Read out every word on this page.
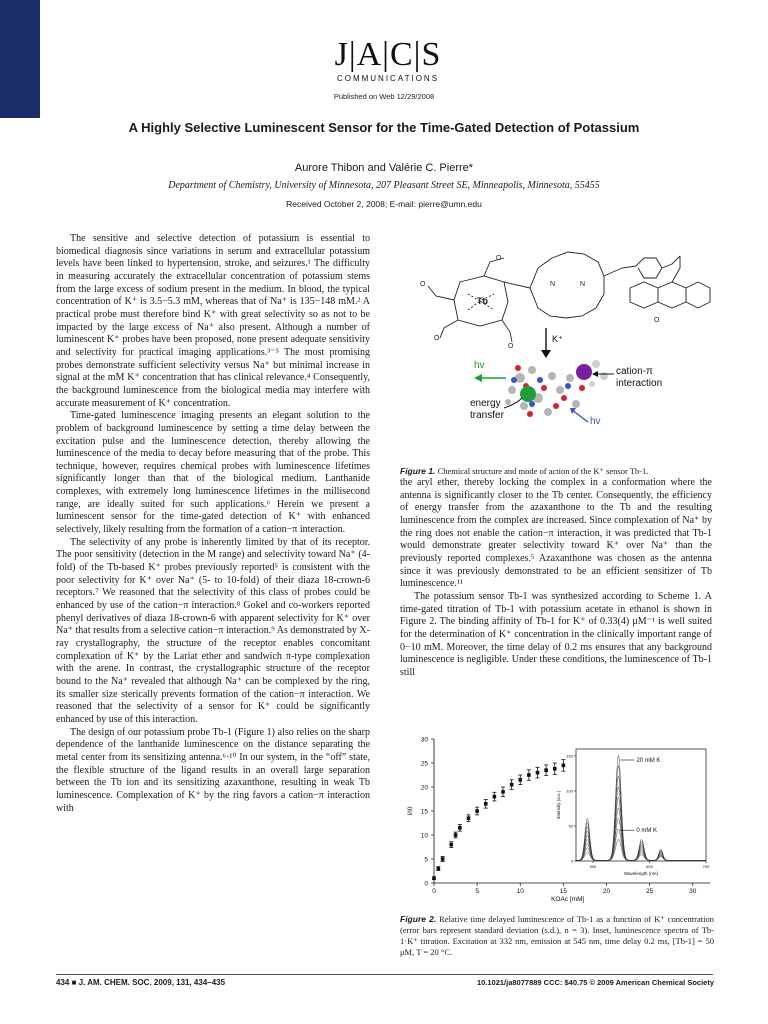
J|A|C|S
COMMUNICATIONS
Published on Web 12/29/2008
A Highly Selective Luminescent Sensor for the Time-Gated Detection of Potassium
Aurore Thibon and Valérie C. Pierre*
Department of Chemistry, University of Minnesota, 207 Pleasant Street SE, Minneapolis, Minnesota, 55455
Received October 2, 2008; E-mail: pierre@umn.edu

The sensitive and selective detection of potassium is essential to biomedical diagnosis since variations in serum and extracellular potassium levels have been linked to hypertension, stroke, and seizures.¹ The difficulty in measuring accurately the extracellular concentration of potassium stems from the large excess of sodium present in the medium. In blood, the typical concentration of K⁺ is 3.5−5.3 mM, whereas that of Na⁺ is 135−148 mM.² A practical probe must therefore bind K⁺ with great selectivity so as not to be impacted by the large excess of Na⁺ also present. Although a number of luminescent K⁺ probes have been proposed, none present adequate sensitivity and selectivity for practical imaging applications.³⁻⁵ The most promising probes demonstrate sufficient selectivity versus Na⁺ but minimal increase in signal at the mM K⁺ concentration that has clinical relevance.⁴ Consequently, the background luminescence from the biological media may interfere with accurate measurement of K⁺ concentration.

Time-gated luminescence imaging presents an elegant solution to the problem of background luminescence by setting a time delay between the excitation pulse and the luminescence detection, thereby allowing the luminescence of the media to decay before measuring that of the probe. This technique, however, requires chemical probes with luminescence lifetimes significantly longer than that of the biological medium. Lanthanide complexes, with extremely long luminescence lifetimes in the millisecond range, are ideally suited for such applications.⁶ Herein we present a luminescent sensor for the time-gated detection of K⁺ with enhanced selectively, likely resulting from the formation of a cation−π interaction.

The selectivity of any probe is inherently limited by that of its receptor. The poor sensitivity (detection in the M range) and selectivity toward Na⁺ (4-fold) of the Tb-based K⁺ probes previously reported⁵ is consistent with the poor selectivity for K⁺ over Na⁺ (5- to 10-fold) of their diaza 18-crown-6 receptors.⁷ We reasoned that the selectivity of this class of probes could be enhanced by use of the cation−π interaction.⁸ Gokel and co-workers reported phenyl derivatives of diaza 18-crown-6 with apparent selectivity for K⁺ over Na⁺ that results from a selective cation−π interaction.⁹ As demonstrated by X-ray crystallography, the structure of the receptor enables concomitant complexation of K⁺ by the Lariat ether and sandwich π-type complexation with the arene. In contrast, the crystallographic structure of the receptor bound to the Na⁺ revealed that although Na⁺ can be complexed by the ring, its smaller size sterically prevents formation of the cation−π interaction. We reasoned that the selectivity of a sensor for K⁺ could be significantly enhanced by use of this interaction.

The design of our potassium probe Tb-1 (Figure 1) also relies on the sharp dependence of the lanthanide luminescence on the distance separating the metal center from its sensitizing antenna.⁶·¹⁰ In our system, in the “off” state, the flexible structure of the ligand results in an overall large separation between the Tb ion and its sensitizing azaxanthone, resulting in weak Tb luminescence. Complexation of K⁺ by the ring favors a cation−π interaction with

Tb
N	N
O
O
O
O
O
K⁺
hv
cation-π
interaction
energy
transfer
hv
Figure 1. Chemical structure and mode of action of the K⁺ sensor Tb-1.

the aryl ether, thereby locking the complex in a conformation where the antenna is significantly closer to the Tb center. Consequently, the efficiency of energy transfer from the azaxanthone to the Tb and the resulting luminescence from the complex are increased. Since complexation of Na⁺ by the ring does not enable the cation−π interaction, it was predicted that Tb-1 would demonstrate greater selectivity toward K⁺ over Na⁺ than the previously reported complexes.⁵ Azaxanthone was chosen as the antenna since it was previously demonstrated to be an efficient sensitizer of Tb luminescence.¹¹

The potassium sensor Tb-1 was synthesized according to Scheme 1. A time-gated titration of Tb-1 with potassium acetate in ethanol is shown in Figure 2. The binding affinity of Tb-1 for K⁺ of 0.33(4) μM⁻¹ is well suited for the determination of K⁺ concentration in the clinically important range of 0−10 mM. Moreover, the time delay of 0.2 ms ensures that any background luminescence is negligible. Under these conditions, the luminescence of Tb-1 still

0
5
10
15
20
25
30
0	5	10	15	20	25	30
KOAc [mM]
I/I0
0
50
100
150
500	600	700
Wavelength (nm)
Intensity (a.u.)
20 mM K
0 mM K
Figure 2. Relative time delayed luminescence of Tb-1 as a function of K⁺ concentration (error bars represent standard deviation (s.d.), n = 3). Inset, luminescence spectra of Tb-1·K⁺ titration. Excitation at 332 nm, emission at 545 nm, time delay 0.2 ms, [Tb-1] = 50 μM, T = 20 °C.
434 ■ J. AM. CHEM. SOC. 2009, 131, 434–435	10.1021/ja8077889 CCC: $40.75 © 2009 American Chemical Society
